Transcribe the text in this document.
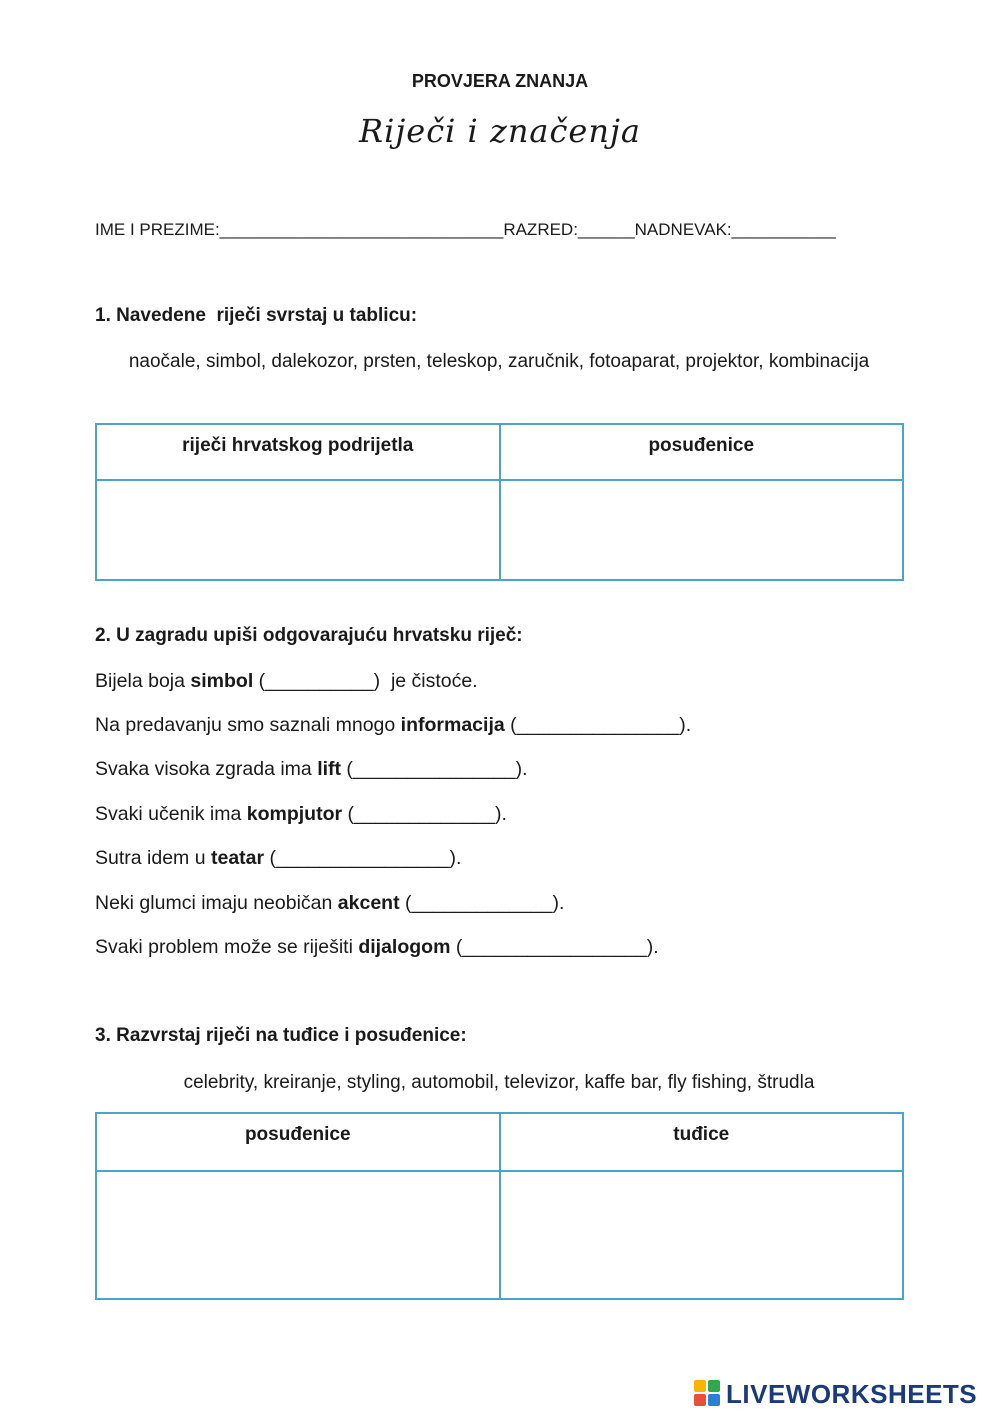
PROVJERA ZNANJA
Riječi i značenja
IME I PREZIME:______________________________RAZRED:______NADNEVAK:___________
1. Navedene  riječi svrstaj u tablicu:
naočale, simbol, dalekozor, prsten, teleskop, zaručnik, fotoaparat, projektor, kombinacija
riječi hrvatskog podrijetla	posuđenice

2. U zagradu upiši odgovarajuću hrvatsku riječ:
Bijela boja simbol (__________)  je čistoće.
Na predavanju smo saznali mnogo informacija (_______________).
Svaka visoka zgrada ima lift (_______________).
Svaki učenik ima kompjutor (_____________).
Sutra idem u teatar (________________).
Neki glumci imaju neobičan akcent (_____________).
Svaki problem može se riješiti dijalogom (_________________).
3. Razvrstaj riječi na tuđice i posuđenice:
celebrity, kreiranje, styling, automobil, televizor, kaffe bar, fly fishing, štrudla
posuđenice	tuđice

LIVEWORKSHEETS
